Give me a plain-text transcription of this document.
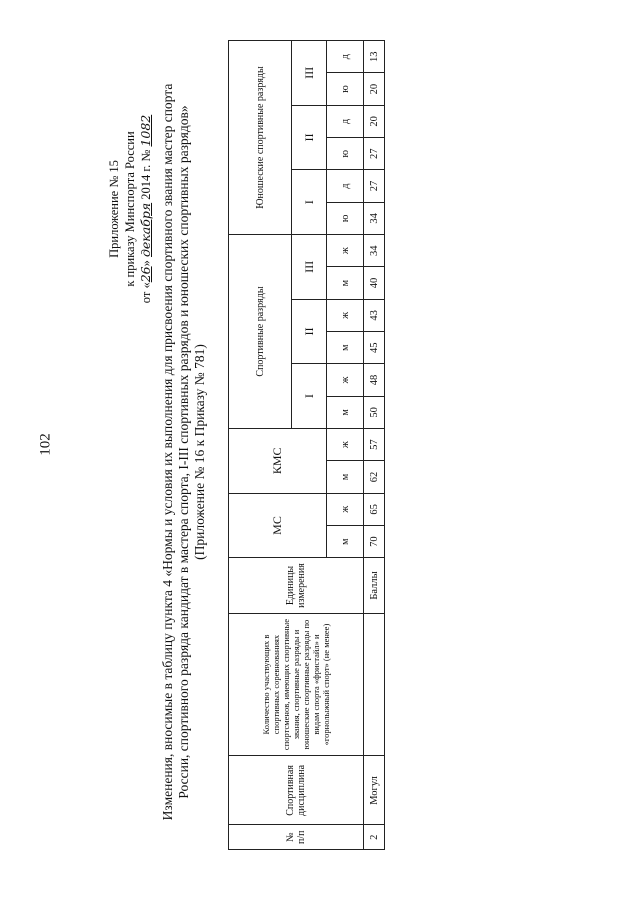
102
Приложение № 15 к приказу Минспорта России
от «26» декабря 2014 г. № 1082 Изменения, вносимые в таблицу пункта 4 «Нормы и условия их выполнения для присвоения спортивного звания мастер спорта России, спортивного разряда кандидат в мастера спорта, I-III спортивных разрядов и юношеских спортивных разрядов» (Приложение № 16 к Приказу № 781)
№ п/п	Спортивная дисциплина	Количество участвующих в спортивных соревнованиях спортсменов, имеющих спортивные звания, спортивные разряды и юношеские спортивные разряды по видам спорта «фристайл» и «горнолыжный спорт» (не менее)	Единицы измерения	МС		КМС		Спортивные разряды						Юношеские спортивные разряды					
								I		II		III		I		II		III	
				м	ж	м	ж	м	ж	м	ж	м	ж	ю	д	ю	д	ю	д
2	Могул		Баллы	70	65	62	57	50	48	45	43	40	34	34	27	27	20	20	13
